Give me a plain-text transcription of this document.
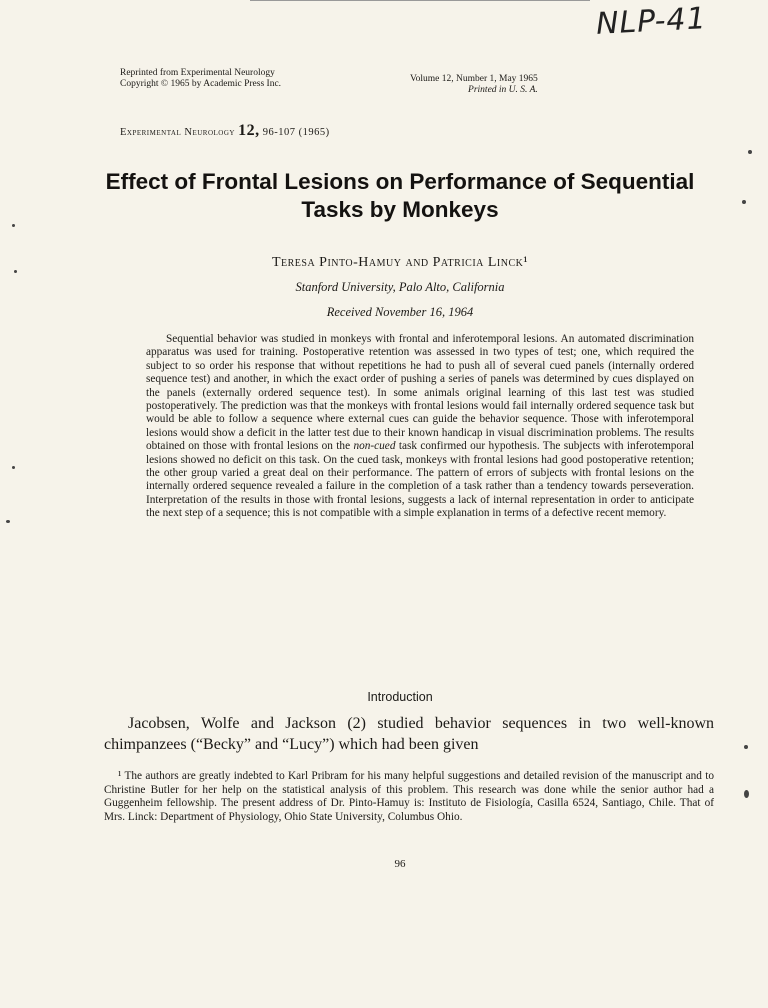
NLP-41
Reprinted from Experimental Neurology
Copyright © 1965 by Academic Press Inc.	Volume 12, Number 1, May 1965
Printed in U. S. A.
Experimental Neurology 12, 96-107 (1965)
Effect of Frontal Lesions on Performance of Sequential
Tasks by Monkeys
Teresa Pinto-Hamuy and Patricia Linck¹
Stanford University, Palo Alto, California
Received November 16, 1964
Sequential behavior was studied in monkeys with frontal and inferotemporal lesions. An automated discrimination apparatus was used for training. Postoperative retention was assessed in two types of test; one, which required the subject to so order his response that without repetitions he had to push all of several cued panels (internally ordered sequence test) and another, in which the exact order of pushing a series of panels was determined by cues displayed on the panels (externally ordered sequence test). In some animals original learning of this last test was studied postoperatively. The prediction was that the monkeys with frontal lesions would fail internally ordered sequence task but would be able to follow a sequence where external cues can guide the behavior sequence. Those with inferotemporal lesions would show a deficit in the latter test due to their known handicap in visual discrimination problems. The results obtained on those with frontal lesions on the non-cued task confirmed our hypothesis. The subjects with inferotemporal lesions showed no deficit on this task. On the cued task, monkeys with frontal lesions had good postoperative retention; the other group varied a great deal on their performance. The pattern of errors of subjects with frontal lesions on the internally ordered sequence revealed a failure in the completion of a task rather than a tendency towards perseveration. Interpretation of the results in those with frontal lesions, suggests a lack of internal representation in order to anticipate the next step of a sequence; this is not compatible with a simple explanation in terms of a defective recent memory.
Introduction
Jacobsen, Wolfe and Jackson (2) studied behavior sequences in two well-known chimpanzees (“Becky” and “Lucy”) which had been given
¹ The authors are greatly indebted to Karl Pribram for his many helpful suggestions and detailed revision of the manuscript and to Christine Butler for her help on the statistical analysis of this problem. This research was done while the senior author had a Guggenheim fellowship. The present address of Dr. Pinto-Hamuy is: Instituto de Fisiología, Casilla 6524, Santiago, Chile. That of Mrs. Linck: Department of Physiology, Ohio State University, Columbus Ohio.
96
